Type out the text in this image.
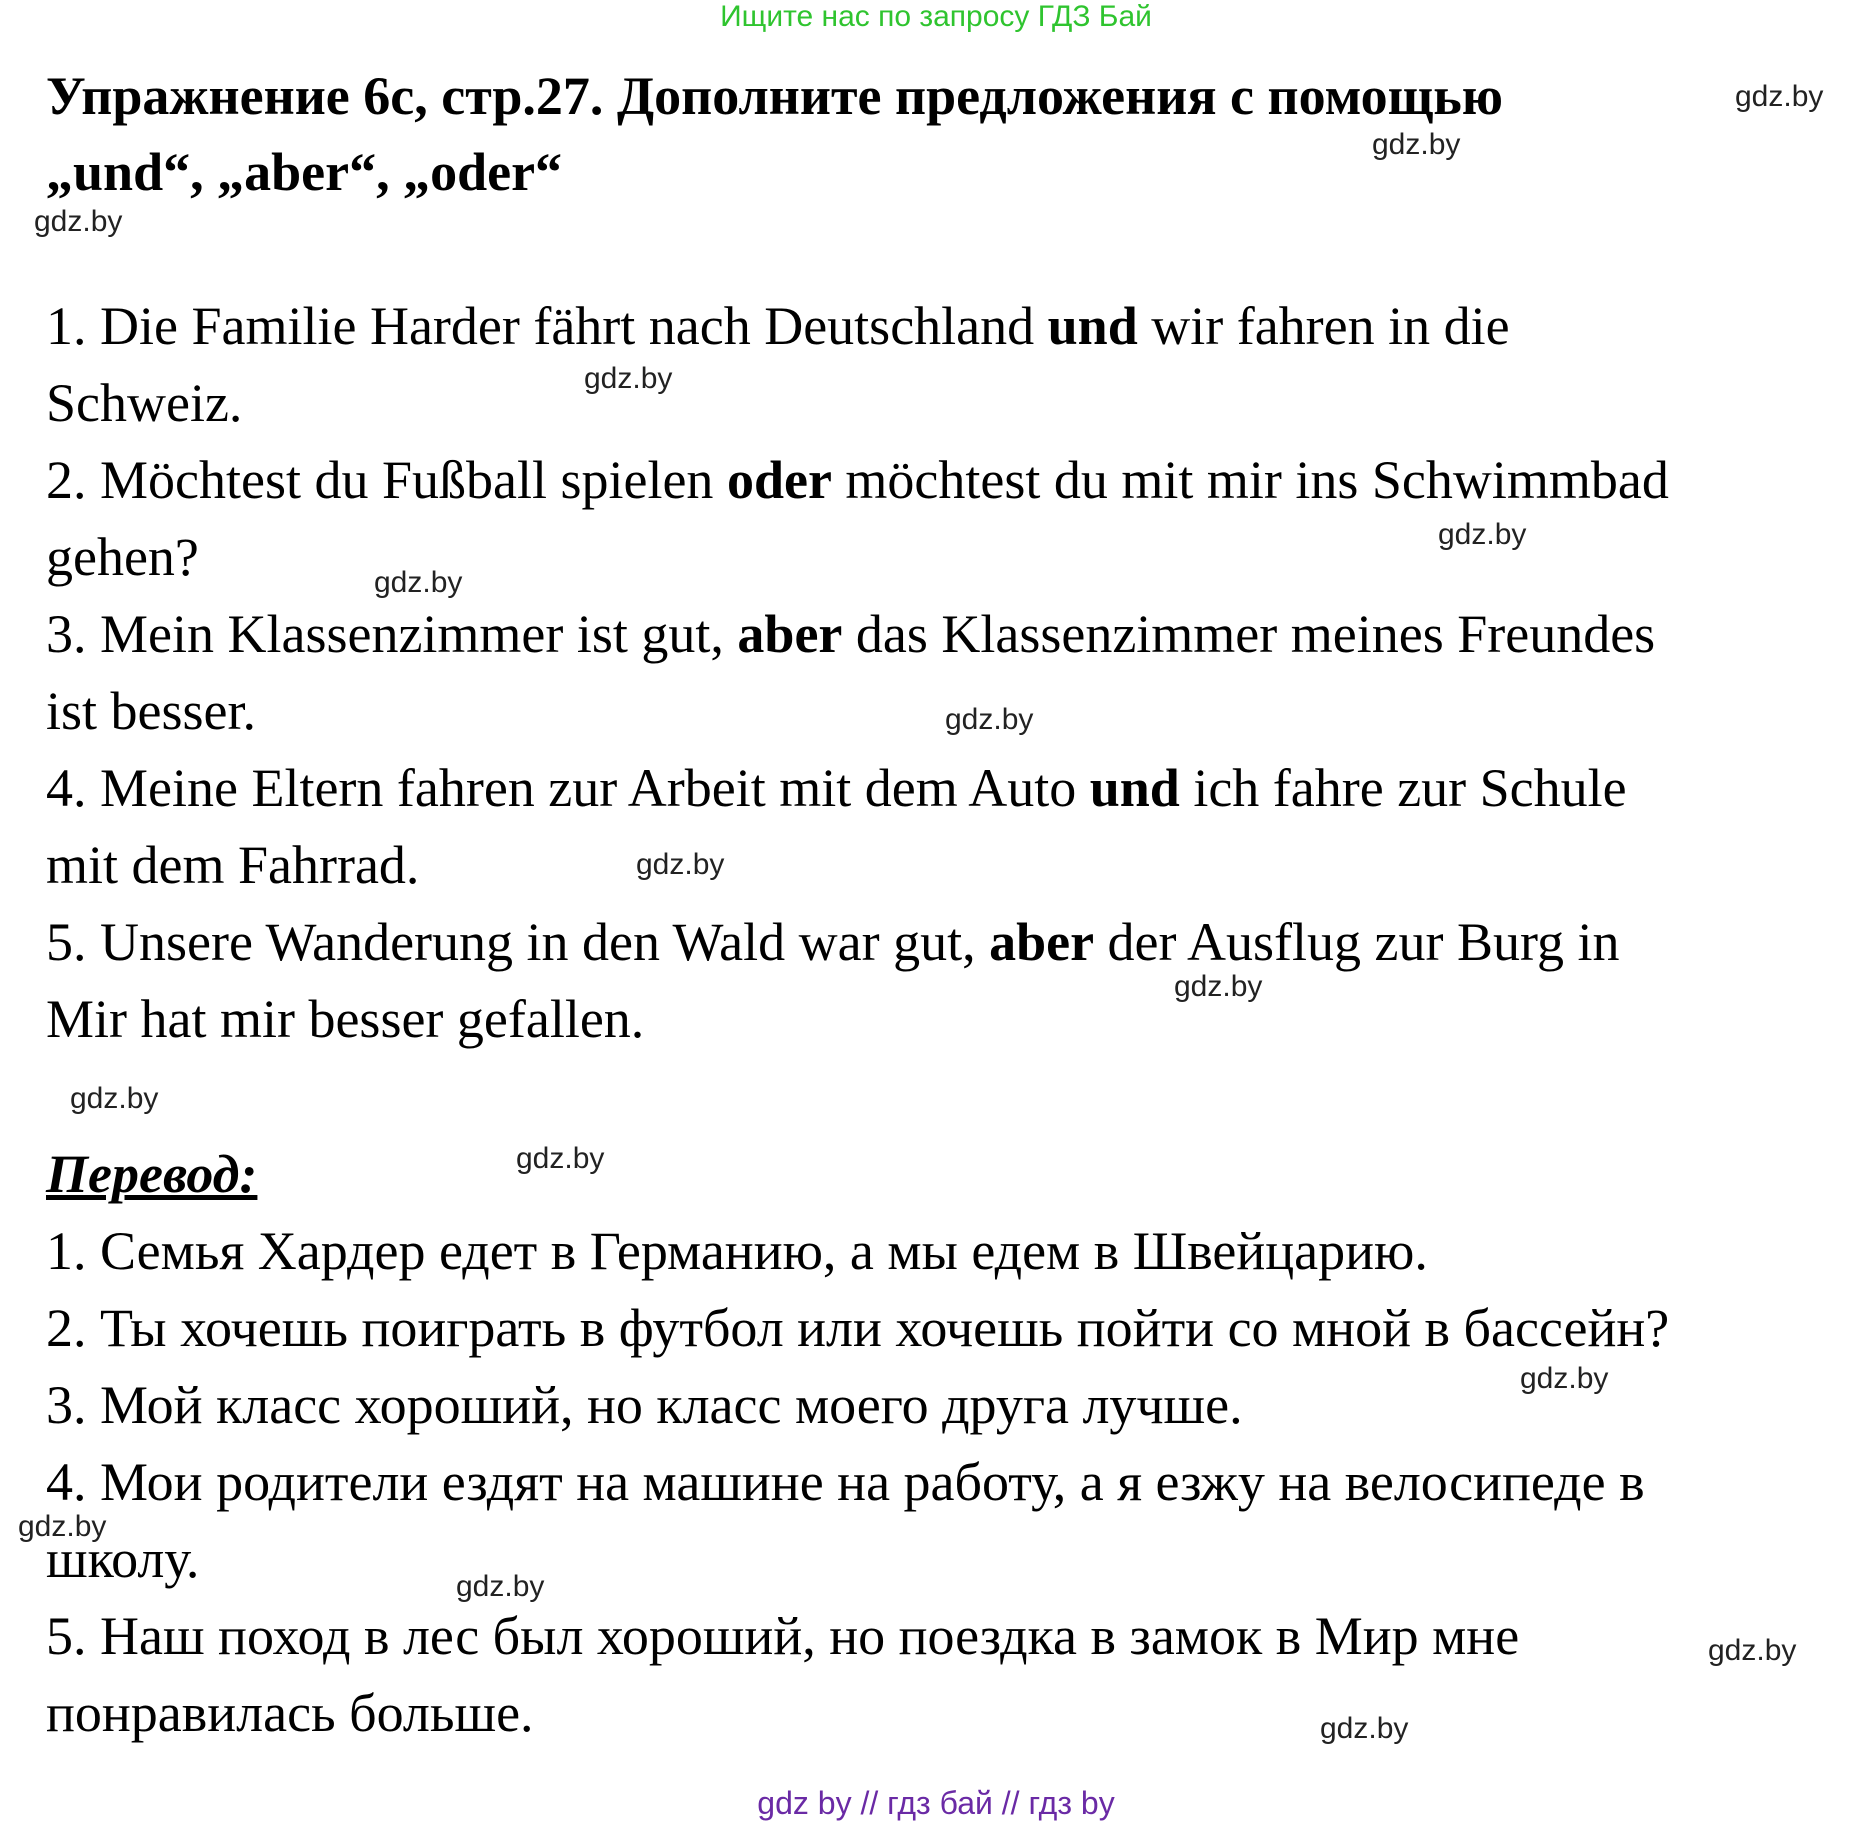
Ищите нас по запросу ГДЗ Бай
Упражнение 6с, стр.27. Дополните предложения с помощью
„und“, „aber“, „oder“
1. Die Familie Harder fährt nach Deutschland und wir fahren in die
Schweiz.
2. Möchtest du Fußball spielen oder möchtest du mit mir ins Schwimmbad
gehen?
3. Mein Klassenzimmer ist gut, aber das Klassenzimmer meines Freundes
ist besser.
4. Meine Eltern fahren zur Arbeit mit dem Auto und ich fahre zur Schule
mit dem Fahrrad.
5. Unsere Wanderung in den Wald war gut, aber der Ausflug zur Burg in
Mir hat mir besser gefallen.
Перевод:
1. Семья Хардер едет в Германию, а мы едем в Швейцарию.
2. Ты хочешь поиграть в футбол или хочешь пойти со мной в бассейн?
3. Мой класс хороший, но класс моего друга лучше.
4. Мои родители ездят на машине на работу, а я езжу на велосипеде в
школу.
5. Наш поход в лес был хороший, но поездка в замок в Мир мне
понравилась больше.
gdz.by
gdz.by
gdz.by
gdz.by
gdz.by
gdz.by
gdz.by
gdz.by
gdz.by
gdz.by
gdz.by
gdz.by
gdz.by
gdz.by
gdz.by
gdz.by
gdz by // гдз бай // гдз by
